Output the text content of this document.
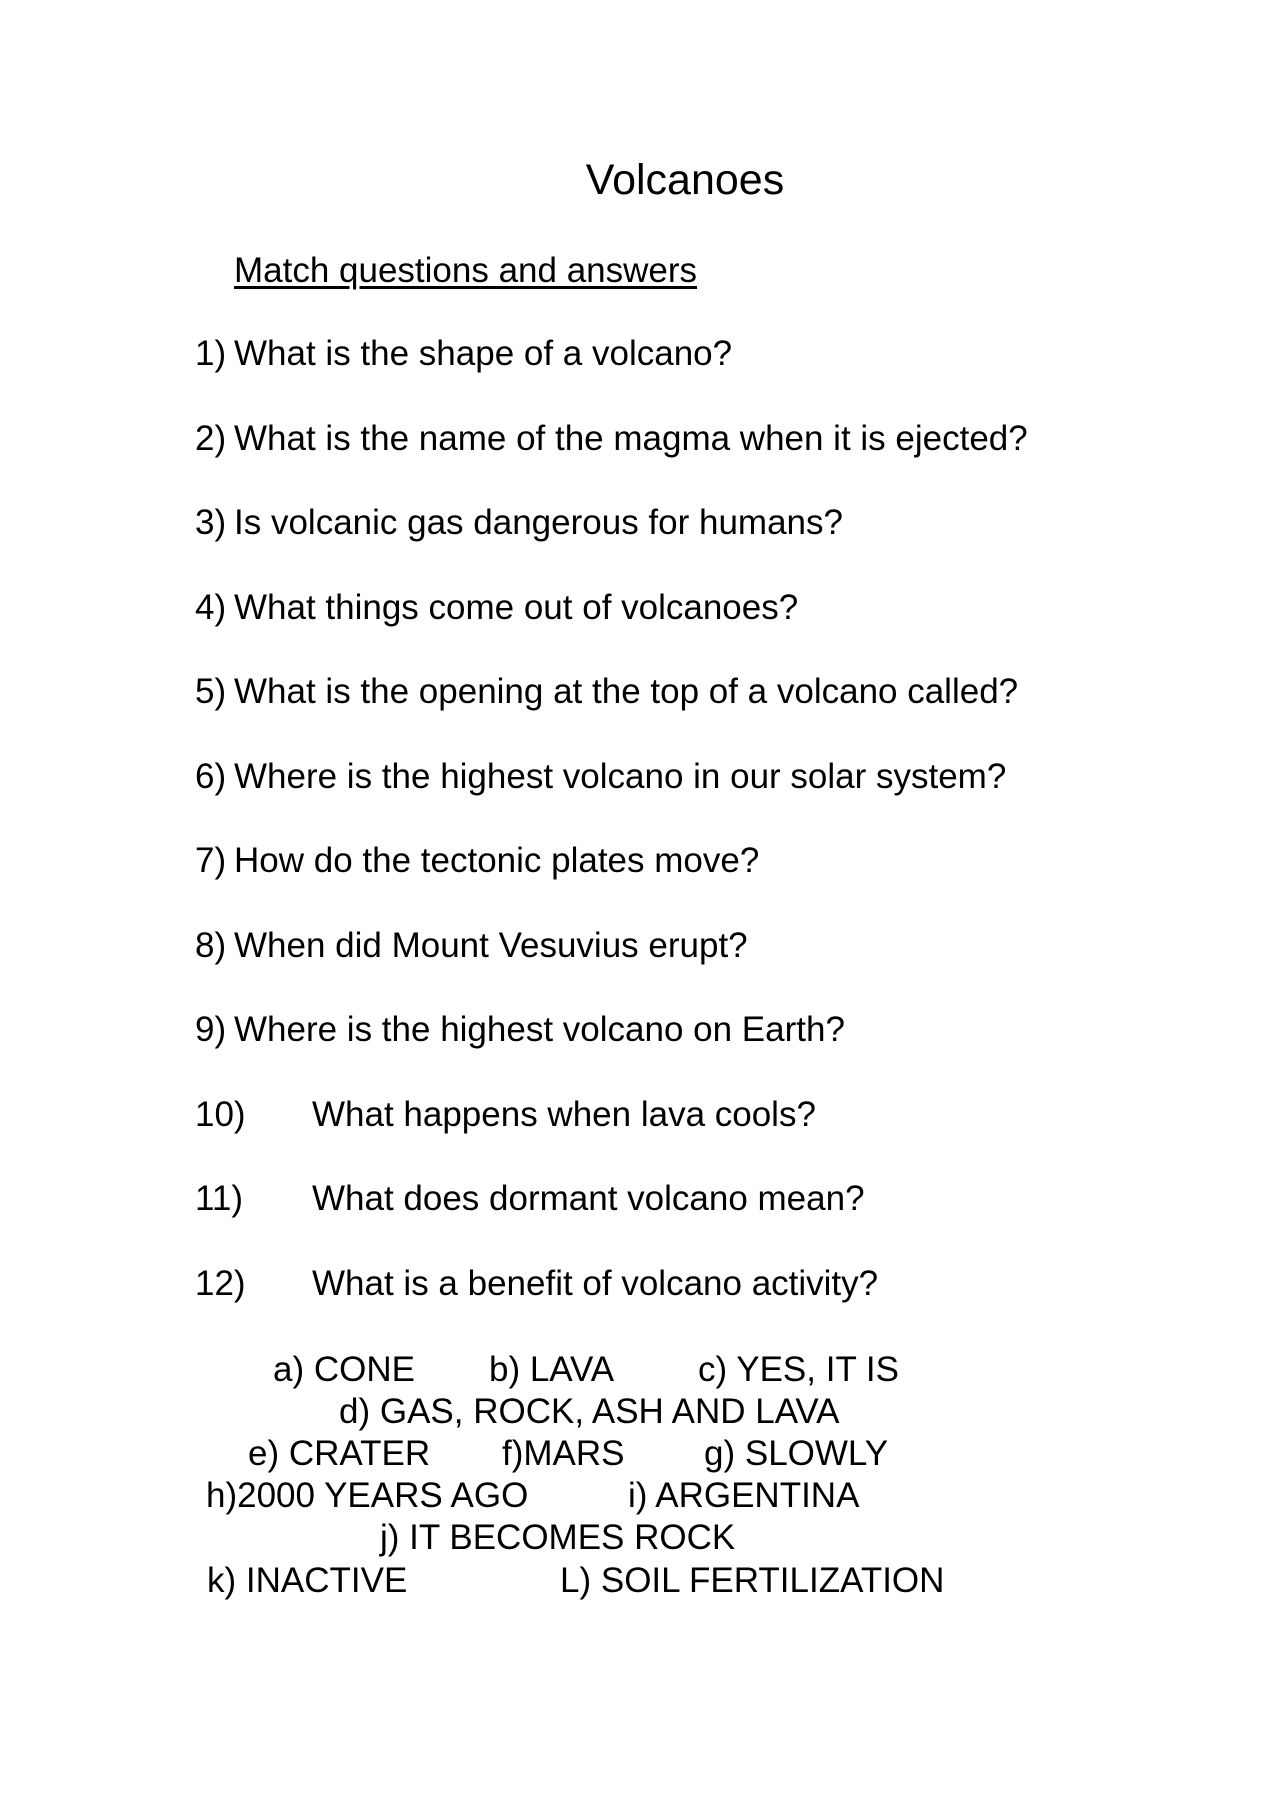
Volcanoes
Match questions and answers
1) What is the shape of a volcano?
2) What is the name of the magma when it is ejected?
3) Is volcanic gas dangerous for humans?
4) What things come out of volcanoes?
5) What is the opening at the top of a volcano called?
6) Where is the highest volcano in our solar system?
7) How do the tectonic plates move?
8) When did Mount Vesuvius erupt?
9) Where is the highest volcano on Earth?
10) What happens when lava cools?
11) What does dormant volcano mean?
12) What is a benefit of volcano activity?
a) CONE b) LAVA c) YES, IT IS
d) GAS, ROCK, ASH AND LAVA
e) CRATER f)MARS g) SLOWLY
h)2000 YEARS AGO	i) ARGENTINA
j) IT BECOMES ROCK
k) INACTIVE	L) SOIL FERTILIZATION
